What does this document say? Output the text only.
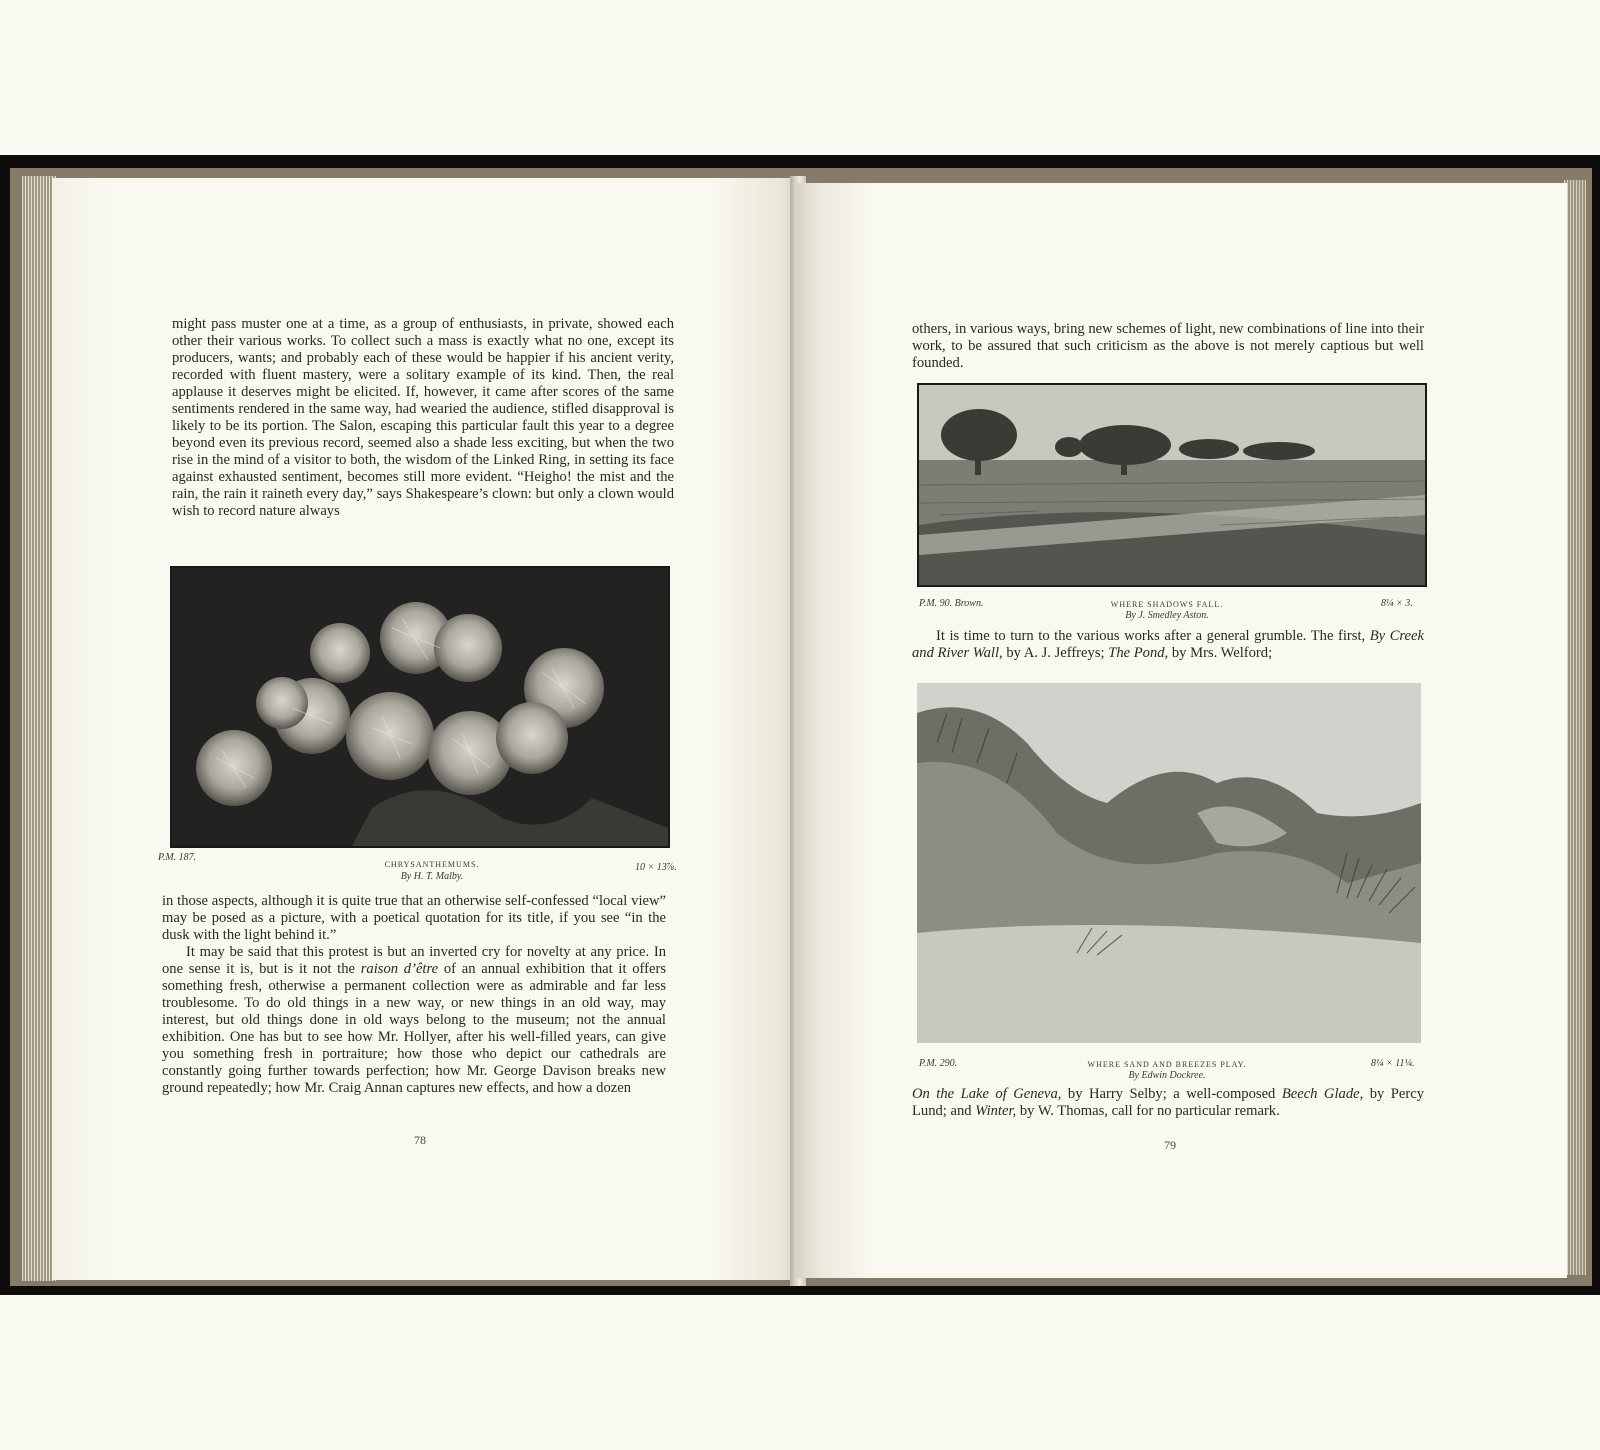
might pass muster one at a time, as a group of enthusiasts, in private, showed each other their various works. To collect such a mass is exactly what no one, except its producers, wants; and probably each of these would be happier if his ancient verity, recorded with fluent mastery, were a solitary example of its kind. Then, the real applause it deserves might be elicited. If, however, it came after scores of the same sentiments rendered in the same way, had wearied the audience, stifled disapproval is likely to be its portion. The Salon, escaping this particular fault this year to a degree beyond even its previous record, seemed also a shade less exciting, but when the two rise in the mind of a visitor to both, the wisdom of the Linked Ring, in setting its face against exhausted sentiment, becomes still more evident. “Heigho! the mist and the rain, the rain it raineth every day,” says Shakespeare’s clown: but only a clown would wish to record nature always

P.M. 187.
CHRYSANTHEMUMS.	10 × 13⅞.
By H. T. Malby.

in those aspects, although it is quite true that an otherwise self-confessed “local view” may be posed as a picture, with a poetical quotation for its title, if you see “in the dusk with the light behind it.”

It may be said that this protest is but an inverted cry for novelty at any price. In one sense it is, but is it not the raison d’être of an annual exhibition that it offers something fresh, otherwise a permanent collection were as admirable and far less troublesome. To do old things in a new way, or new things in an old way, may interest, but old things done in old ways belong to the museum; not the annual exhibition. One has but to see how Mr. Hollyer, after his well-filled years, can give you something fresh in portraiture; how those who depict our cathedrals are constantly going further towards perfection; how Mr. George Davison breaks new ground repeatedly; how Mr. Craig Annan captures new effects, and how a dozen

78

others, in various ways, bring new schemes of light, new combinations of line into their work, to be assured that such criticism as the above is not merely captious but well founded.

P.M. 90. Brown.	WHERE SHADOWS FALL.	8¼ × 3.
By J. Smedley Aston.

It is time to turn to the various works after a general grumble. The first, By Creek and River Wall, by A. J. Jeffreys; The Pond, by Mrs. Welford;

P.M. 290.	WHERE SAND AND BREEZES PLAY.	8¼ × 11¼.
By Edwin Dockree.

On the Lake of Geneva, by Harry Selby; a well-composed Beech Glade, by Percy Lund; and Winter, by W. Thomas, call for no particular remark.

79
